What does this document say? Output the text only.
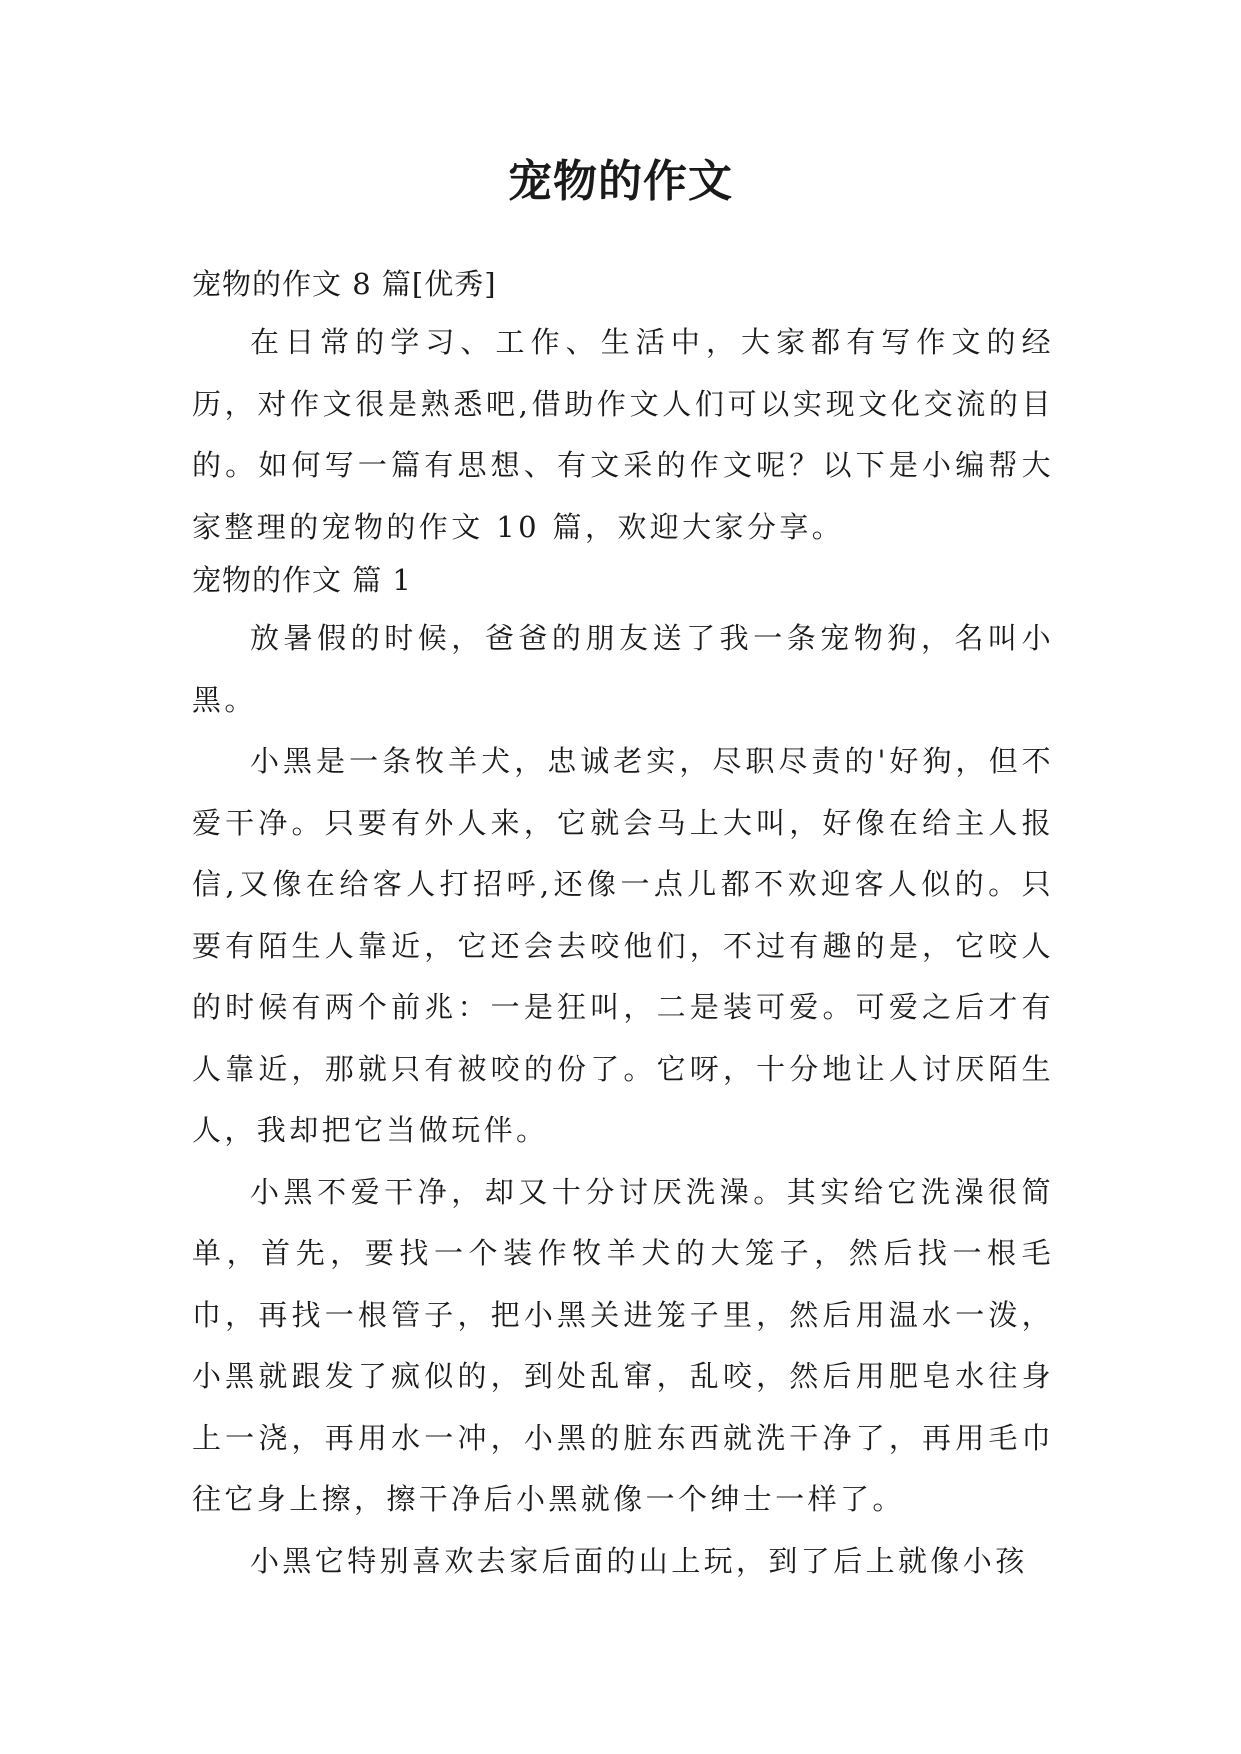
宠物的作文

宠物的作文 8 篇[优秀]

在日常的学习、工作、生活中，大家都有写作文的经历，对作文很是熟悉吧,借助作文人们可以实现文化交流的目的。如何写一篇有思想、有文采的作文呢？以下是小编帮大家整理的宠物的作文 10 篇，欢迎大家分享。

宠物的作文 篇 1

放暑假的时候，爸爸的朋友送了我一条宠物狗，名叫小黑。

小黑是一条牧羊犬，忠诚老实，尽职尽责的'好狗，但不爱干净。只要有外人来，它就会马上大叫，好像在给主人报信,又像在给客人打招呼,还像一点儿都不欢迎客人似的。只要有陌生人靠近，它还会去咬他们，不过有趣的是，它咬人的时候有两个前兆：一是狂叫，二是装可爱。可爱之后才有人靠近，那就只有被咬的份了。它呀，十分地让人讨厌陌生人，我却把它当做玩伴。

小黑不爱干净，却又十分讨厌洗澡。其实给它洗澡很简单，首先，要找一个装作牧羊犬的大笼子，然后找一根毛巾，再找一根管子，把小黑关进笼子里，然后用温水一泼，小黑就跟发了疯似的，到处乱窜，乱咬，然后用肥皂水往身上一浇，再用水一冲，小黑的脏东西就洗干净了，再用毛巾往它身上擦，擦干净后小黑就像一个绅士一样了。

小黑它特别喜欢去家后面的山上玩，到了后上就像小孩
